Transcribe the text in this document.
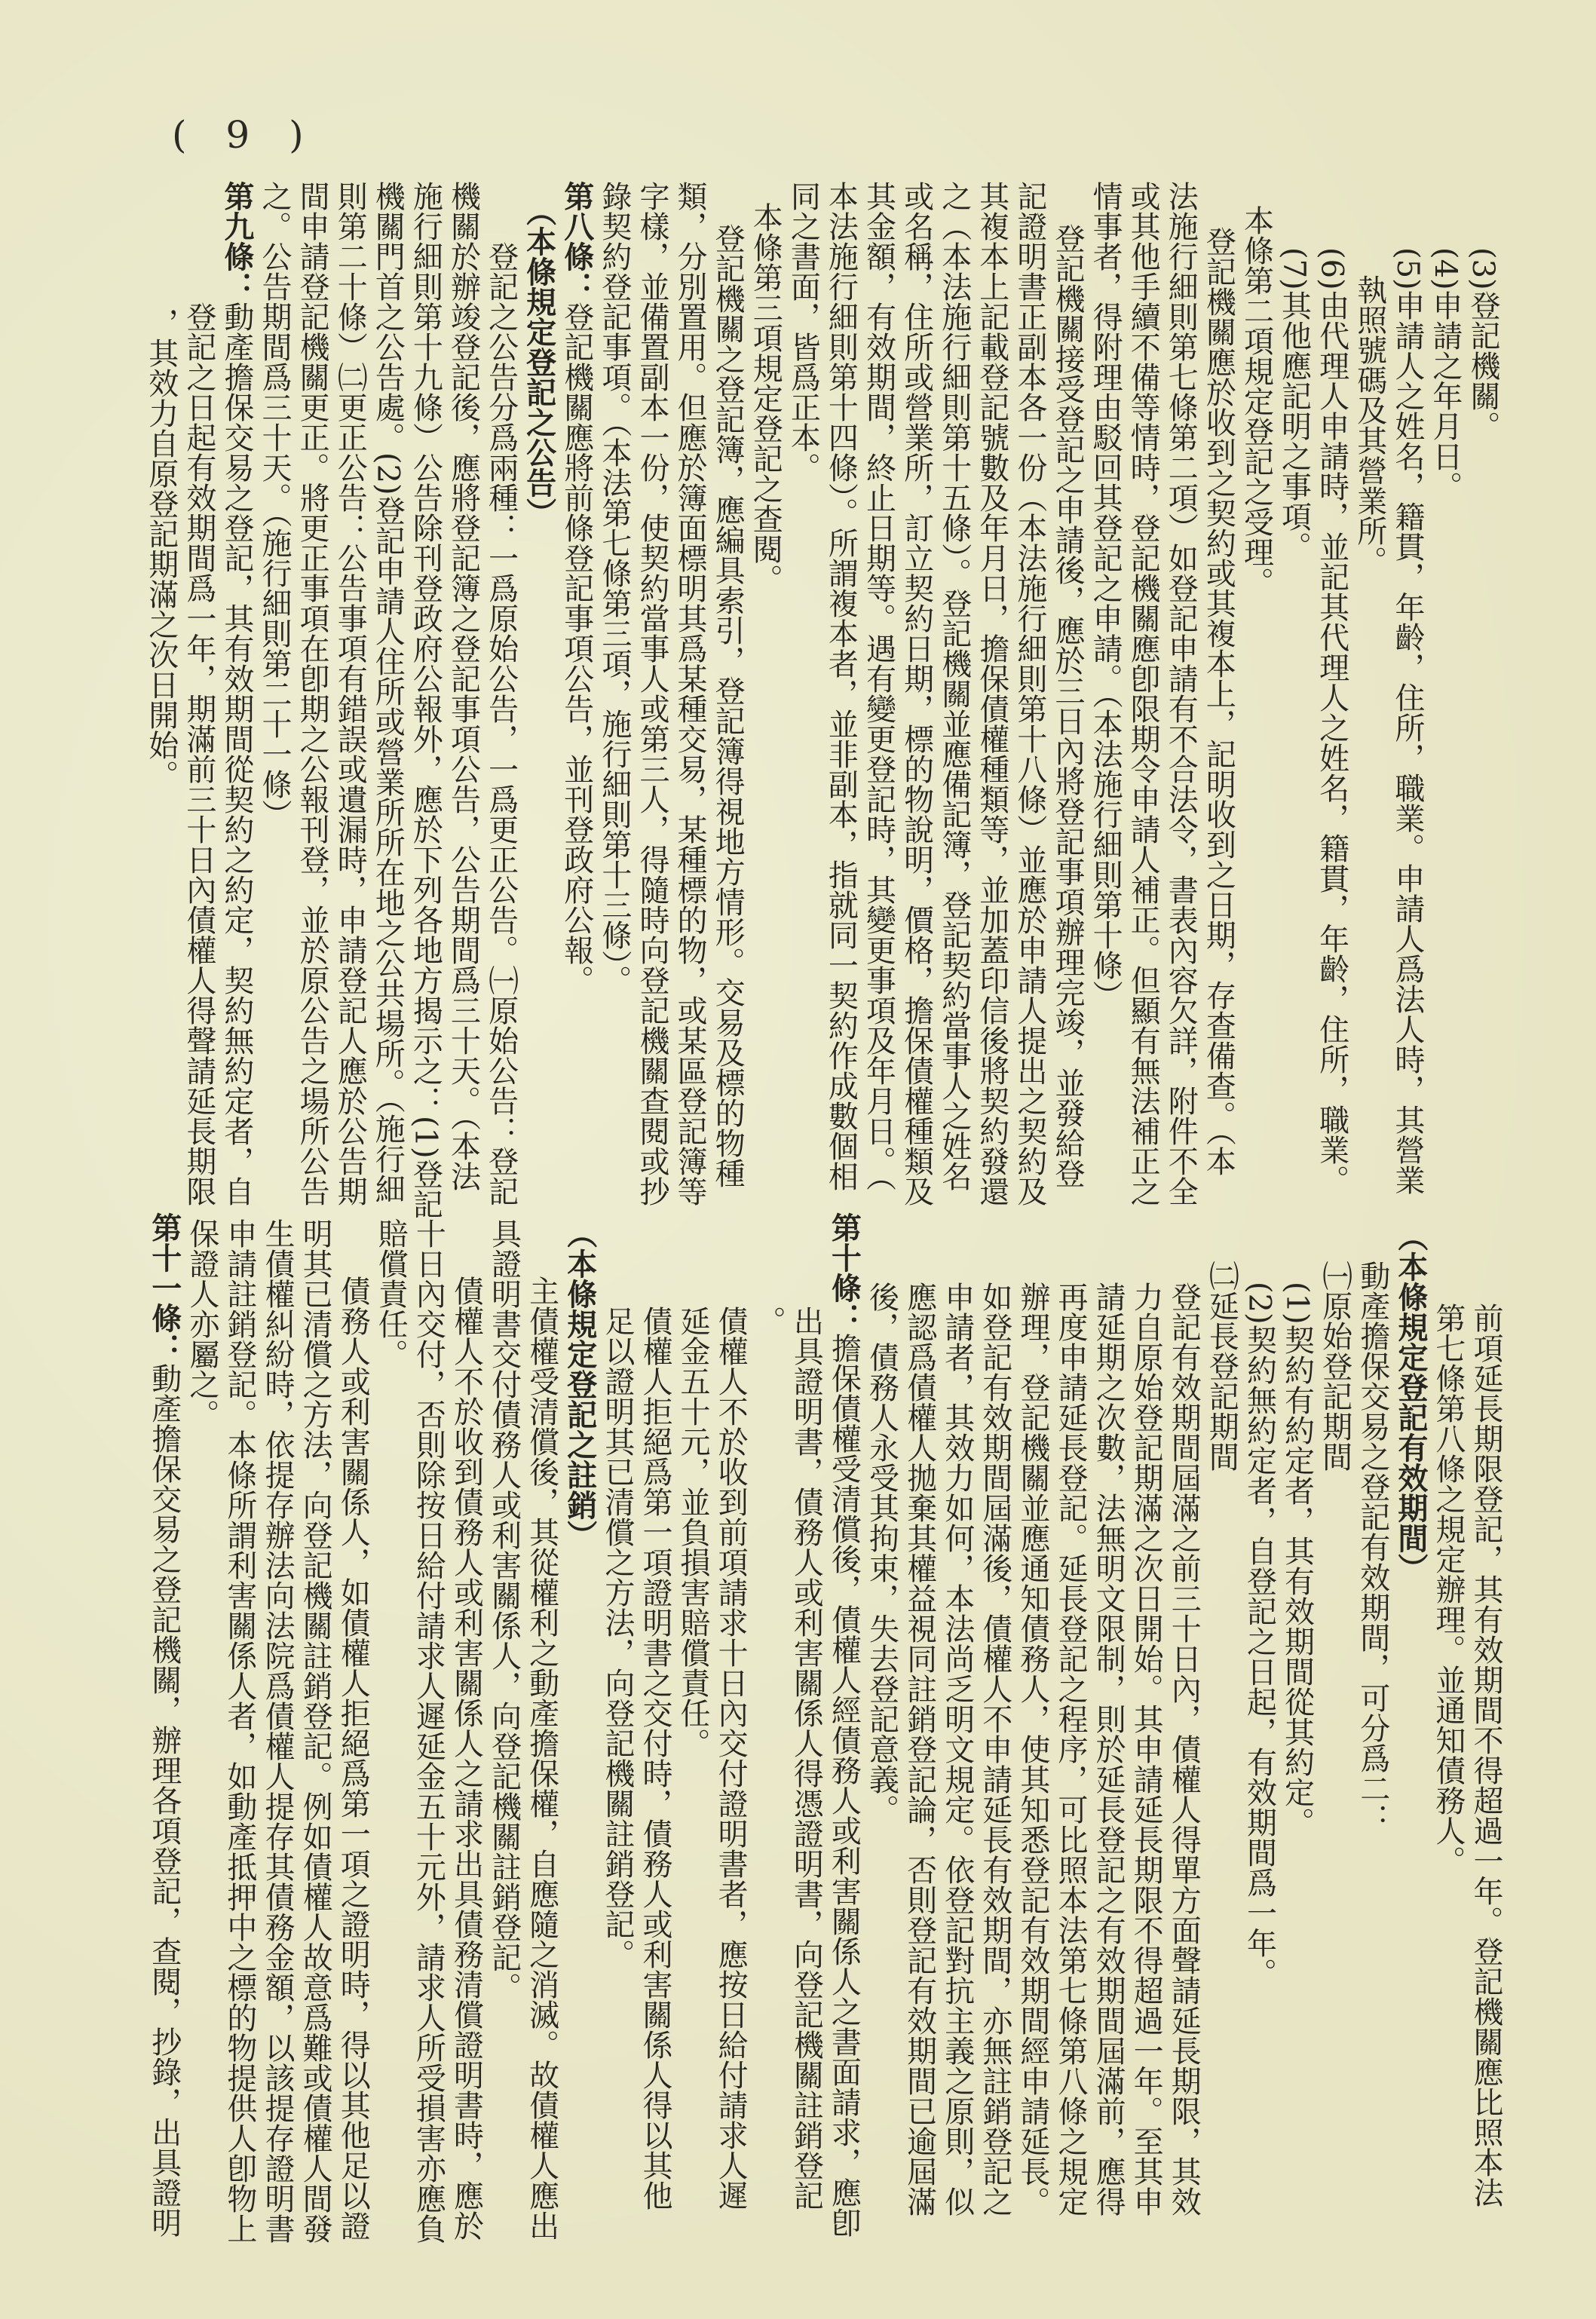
( 9 )
(3)登記機關。
(4)申請之年月日。
(5)申請人之姓名，籍貫，年齡，住所，職業。申請人爲法人時，其營業
執照號碼及其營業所。
(6)由代理人申請時，並記其代理人之姓名，籍貫，年齡，住所，職業。
(7)其他應記明之事項。
本條第二項規定登記之受理。
登記機關應於收到之契約或其複本上，記明收到之日期，存查備查。（本
法施行細則第七條第二項）如登記申請有不合法令，書表內容欠詳，附件不全
或其他手續不備等情時，登記機關應卽限期令申請人補正。但顯有無法補正之
情事者，得附理由駁回其登記之申請。（本法施行細則第十條）
登記機關接受登記之申請後，應於三日內將登記事項辦理完竣，並發給登
記證明書正副本各一份（本法施行細則第十八條）並應於申請人提出之契約及
其複本上記載登記號數及年月日，擔保債權種類等，並加蓋印信後將契約發還
之（本法施行細則第十五條）。登記機關並應備記簿，登記契約當事人之姓名
或名稱，住所或營業所，訂立契約日期，標的物說明，價格，擔保債權種類及
其金額，有效期間，終止日期等。遇有變更登記時，其變更事項及年月日。（
本法施行細則第十四條）。所謂複本者，並非副本，指就同一契約作成數個相
同之書面，皆爲正本。
本條第三項規定登記之查閱。
登記機關之登記簿，應編具索引，登記簿得視地方情形。交易及標的物種
類，分別置用。但應於簿面標明其爲某種交易，某種標的物，或某區登記簿等
字樣，並備置副本一份，使契約當事人或第三人，得隨時向登記機關查閱或抄
錄契約登記事項。（本法第七條第三項，施行細則第十三條）。
第八條：登記機關應將前條登記事項公告，並刊登政府公報。
（本條規定登記之公告）
登記之公告分爲兩種：一爲原始公告，一爲更正公告。㈠原始公告：登記
機關於辦竣登記後，應將登記簿之登記事項公告，公告期間爲三十天。（本法
施行細則第十九條）公告除刊登政府公報外，應於下列各地方揭示之：(1)登記
機關門首之公告處。(2)登記申請人住所或營業所所在地之公共場所。（施行細
則第二十條）㈡更正公告：公告事項有錯誤或遺漏時，申請登記人應於公告期
間申請登記機關更正。將更正事項在卽期之公報刊登，並於原公告之場所公告
之。公告期間爲三十天。（施行細則第二十一條）
第九條：動產擔保交易之登記，其有效期間從契約之約定，契約無約定者，自
登記之日起有效期間爲一年，期滿前三十日內債權人得聲請延長期限
，其效力自原登記期滿之次日開始。
前項延長期限登記，其有效期間不得超過一年。登記機關應比照本法
第七條第八條之規定辦理。並通知債務人。
（本條規定登記有效期間）
動產擔保交易之登記有效期間，可分爲二：
㈠原始登記期間
(1)契約有約定者，其有效期間從其約定。
(2)契約無約定者，自登記之日起，有效期間爲一年。
㈡延長登記期間
登記有效期間屆滿之前三十日內，債權人得單方面聲請延長期限，其效
力自原始登記期滿之次日開始。其申請延長期限不得超過一年。至其申
請延期之次數，法無明文限制，則於延長登記之有效期間屆滿前，應得
再度申請延長登記。延長登記之程序，可比照本法第七條第八條之規定
辦理，登記機關並應通知債務人，使其知悉登記有效期間經申請延長。
如登記有效期間屆滿後，債權人不申請延長有效期間，亦無註銷登記之
申請者，其效力如何，本法尚乏明文規定。依登記對抗主義之原則，似
應認爲債權人拋棄其權益視同註銷登記論，否則登記有效期間已逾屆滿
後，債務人永受其拘束，失去登記意義。
第十條：擔保債權受清償後，債權人經債務人或利害關係人之書面請求，應卽
出具證明書，債務人或利害關係人得憑證明書，向登記機關註銷登記
。
債權人不於收到前項請求十日內交付證明書者，應按日給付請求人遲
延金五十元，並負損害賠償責任。
債權人拒絕爲第一項證明書之交付時，債務人或利害關係人得以其他
足以證明其已清償之方法，向登記機關註銷登記。
（本條規定登記之註銷）
主債權受清償後，其從權利之動產擔保權，自應隨之消滅。故債權人應出
具證明書交付債務人或利害關係人，向登記機關註銷登記。
債權人不於收到債務人或利害關係人之請求出具債務清償證明書時，應於
十日內交付，否則除按日給付請求人遲延金五十元外，請求人所受損害亦應負
賠償責任。
債務人或利害關係人，如債權人拒絕爲第一項之證明時，得以其他足以證
明其已清償之方法，向登記機關註銷登記。例如債權人故意爲難或債權人間發
生債權糾紛時，依提存辦法向法院爲債權人提存其債務金額，以該提存證明書
申請註銷登記。本條所謂利害關係人者，如動產抵押中之標的物提供人卽物上
保證人亦屬之。
第十一條：動產擔保交易之登記機關，辦理各項登記，查閱，抄錄，出具證明
